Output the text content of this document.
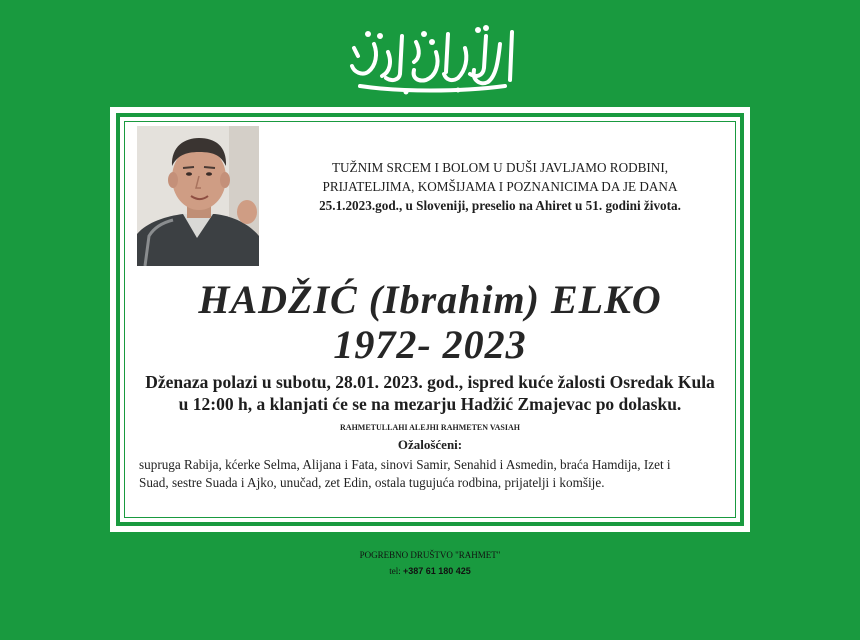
TUŽNIM SRCEM I BOLOM U DUŠI JAVLJAMO RODBINI,
PRIJATELJIMA, KOMŠIJAMA I POZNANICIMA DA JE DANA
25.1.2023.god., u Sloveniji, preselio na Ahiret u 51. godini života.
HADŽIĆ (Ibrahim) ELKO
1972- 2023
Dženaza polazi u subotu, 28.01. 2023. god., ispred kuće žalosti Osredak Kula
u 12:00 h, a klanjati će se na mezarju Hadžić Zmajevac po dolasku.
RAHMETULLAHI ALEJHI RAHMETEN VASIAH
Ožalošćeni:
supruga Rabija, kćerke Selma, Alijana i Fata, sinovi Samir, Senahid i Asmedin, braća Hamdija, Izet i Suad, sestre Suada i Ajko, unučad, zet Edin, ostala tugujuća rodbina, prijatelji i komšije.
POGREBNO DRUŠTVO "RAHMET"
tel: +387 61 180 425
